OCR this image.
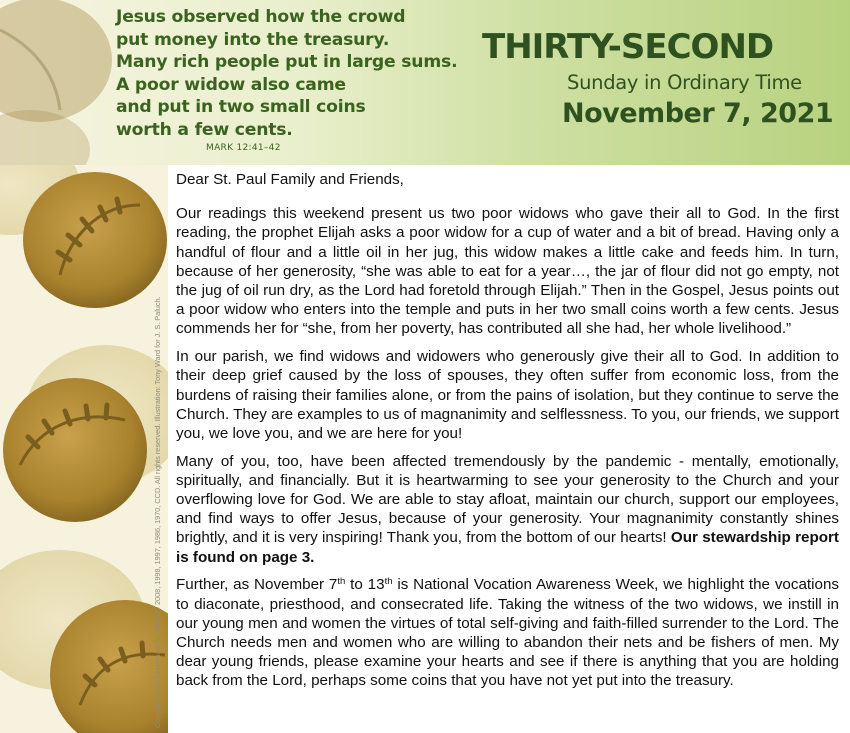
Jesus observed how the crowd
put money into the treasury.
Many rich people put in large sums.
A poor widow also came
and put in two small coins
worth a few cents.
MARK 12:41–42
THIRTY-SECOND
Sunday in Ordinary Time
November 7, 2021
Copyright from Lectionary for Mass © 2008, 1998, 1997, 1986, 1970, CCD. All rights reserved. Illustration: Tony Ward for J. S. Paluch.
Dear St. Paul Family and Friends,
Our readings this weekend present us two poor widows who gave their all to God. In the first reading, the prophet Elijah asks a poor widow for a cup of water and a bit of bread. Having only a handful of flour and a little oil in her jug, this widow makes a little cake and feeds him. In turn, because of her generosity, “she was able to eat for a year…, the jar of flour did not go empty, not the jug of oil run dry, as the Lord had foretold through Elijah.” Then in the Gospel, Jesus points out a poor widow who enters into the temple and puts in her two small coins worth a few cents. Jesus commends her for “she, from her poverty, has contributed all she had, her whole livelihood.”
In our parish, we find widows and widowers who generously give their all to God. In addition to their deep grief caused by the loss of spouses, they often suffer from economic loss, from the burdens of raising their families alone, or from the pains of isolation, but they continue to serve the Church. They are examples to us of magnanimity and selflessness. To you, our friends, we support you, we love you, and we are here for you!
Many of you, too, have been affected tremendously by the pandemic - mentally, emotionally, spiritually, and financially. But it is heartwarming to see your generosity to the Church and your overflowing love for God. We are able to stay afloat, maintain our church, support our employees, and find ways to offer Jesus, because of your generosity. Your magnanimity constantly shines brightly, and it is very inspiring! Thank you, from the bottom of our hearts! Our stewardship report is found on page 3.
Further, as November 7th to 13th is National Vocation Awareness Week, we highlight the vocations to diaconate, priesthood, and consecrated life. Taking the witness of the two widows, we instill in our young men and women the virtues of total self-giving and faith-filled surrender to the Lord. The Church needs men and women who are willing to abandon their nets and be fishers of men. My dear young friends, please examine your hearts and see if there is anything that you are holding back from the Lord, perhaps some coins that you have not yet put into the treasury.
